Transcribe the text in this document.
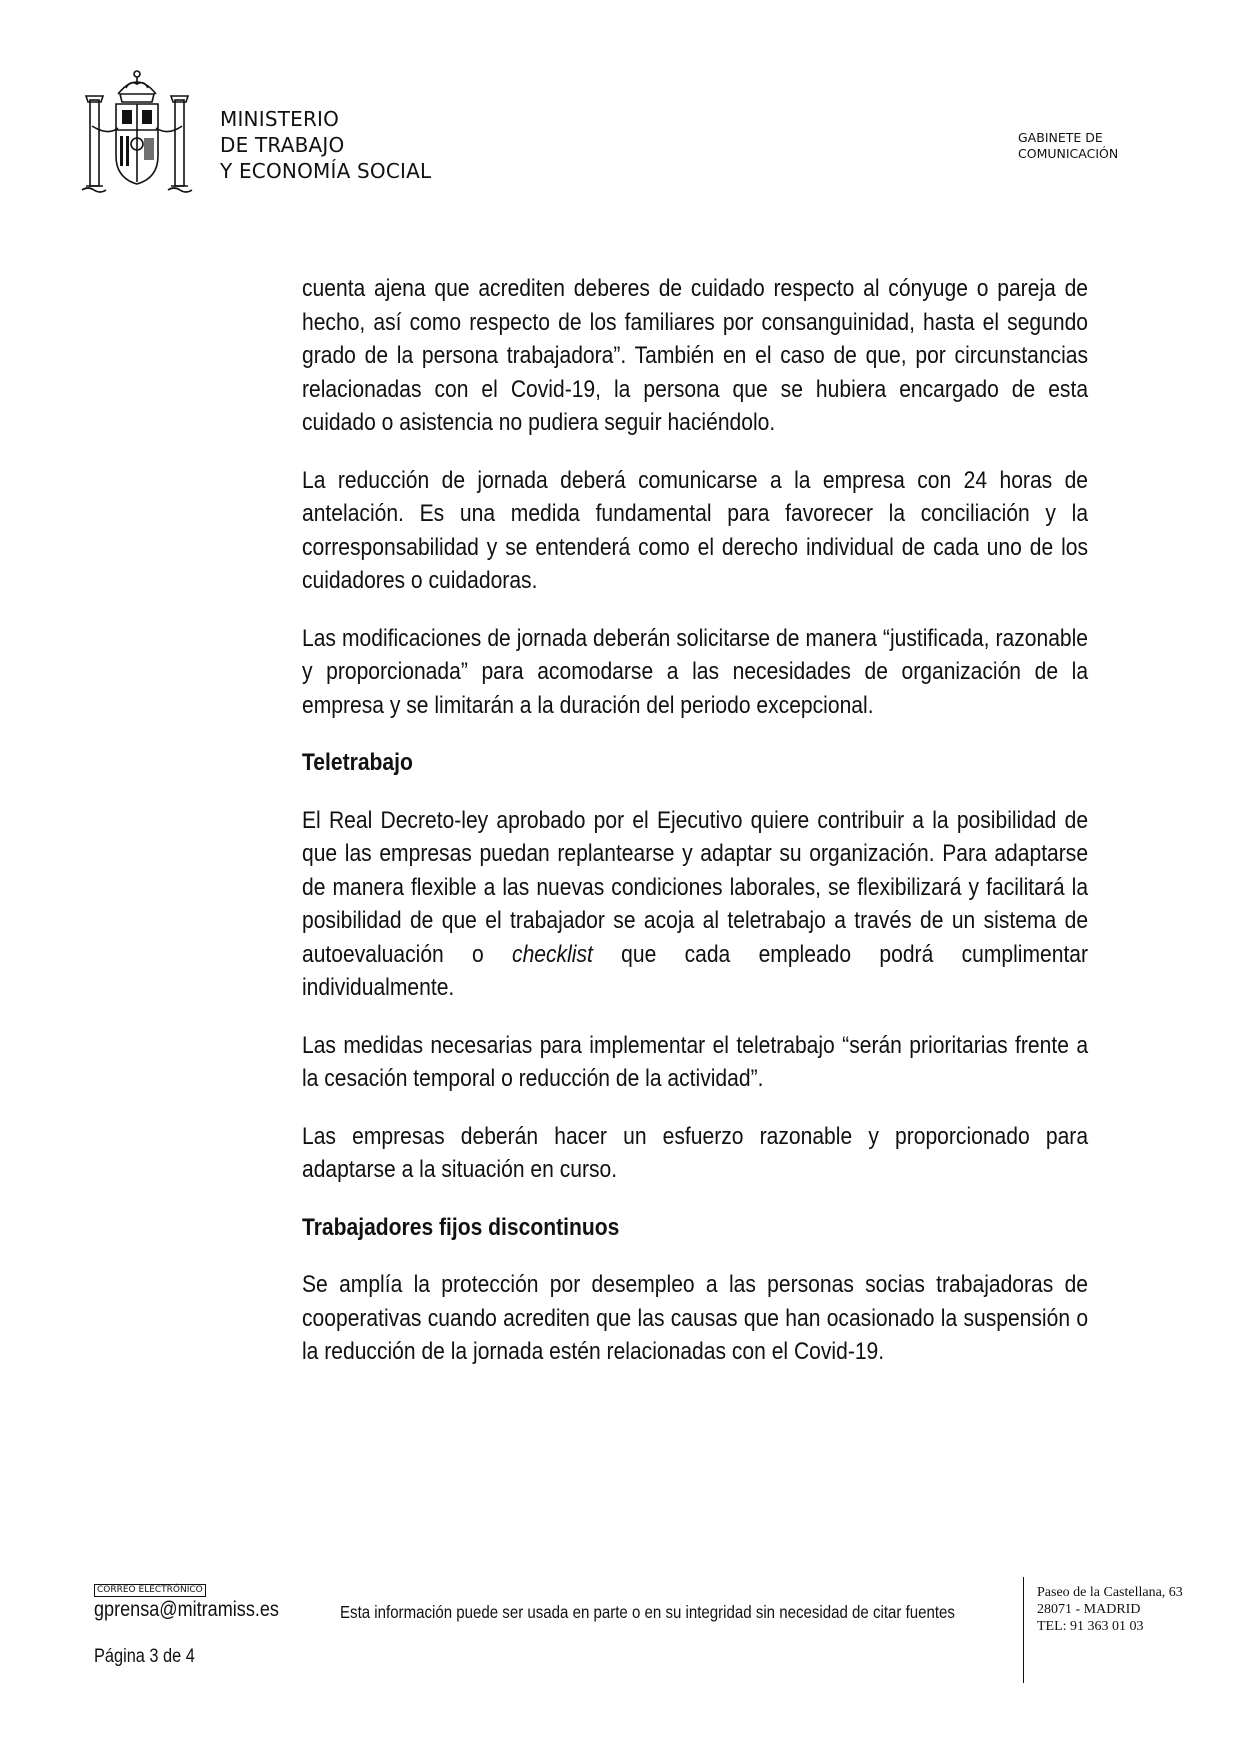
MINISTERIO
DE TRABAJO
Y ECONOMÍA SOCIAL
GABINETE DE
COMUNICACIÓN

cuenta ajena que acrediten deberes de cuidado respecto al cónyuge o pareja de hecho, así como respecto de los familiares por consanguinidad, hasta el segundo grado de la persona trabajadora”. También en el caso de que, por circunstancias relacionadas con el Covid-19, la persona que se hubiera encargado de esta cuidado o asistencia no pudiera seguir haciéndolo.

La reducción de jornada deberá comunicarse a la empresa con 24 horas de antelación. Es una medida fundamental para favorecer la conciliación y la corresponsabilidad y se entenderá como el derecho individual de cada uno de los cuidadores o cuidadoras.

Las modificaciones de jornada deberán solicitarse de manera “justificada, razonable y proporcionada” para acomodarse a las necesidades de organización de la empresa y se limitarán a la duración del periodo excepcional.

Teletrabajo

El Real Decreto-ley aprobado por el Ejecutivo quiere contribuir a la posibilidad de que las empresas puedan replantearse y adaptar su organización. Para adaptarse de manera flexible a las nuevas condiciones laborales, se flexibilizará y facilitará la posibilidad de que el trabajador se acoja al teletrabajo a través de un sistema de autoevaluación o checklist que cada empleado podrá cumplimentar individualmente.

Las medidas necesarias para implementar el teletrabajo “serán prioritarias frente a la cesación temporal o reducción de la actividad”.

Las empresas deberán hacer un esfuerzo razonable y proporcionado para adaptarse a la situación en curso.

Trabajadores fijos discontinuos

Se amplía la protección por desempleo a las personas socias trabajadoras de cooperativas cuando acrediten que las causas que han ocasionado la suspensión o la reducción de la jornada estén relacionadas con el Covid-19.

CORREO ELECTRÓNICO
gprensa@mitramiss.es
Página 3 de 4
Esta información puede ser usada en parte o en su integridad sin necesidad de citar fuentes
Paseo de la Castellana, 63
28071 - MADRID
TEL: 91 363 01 03
